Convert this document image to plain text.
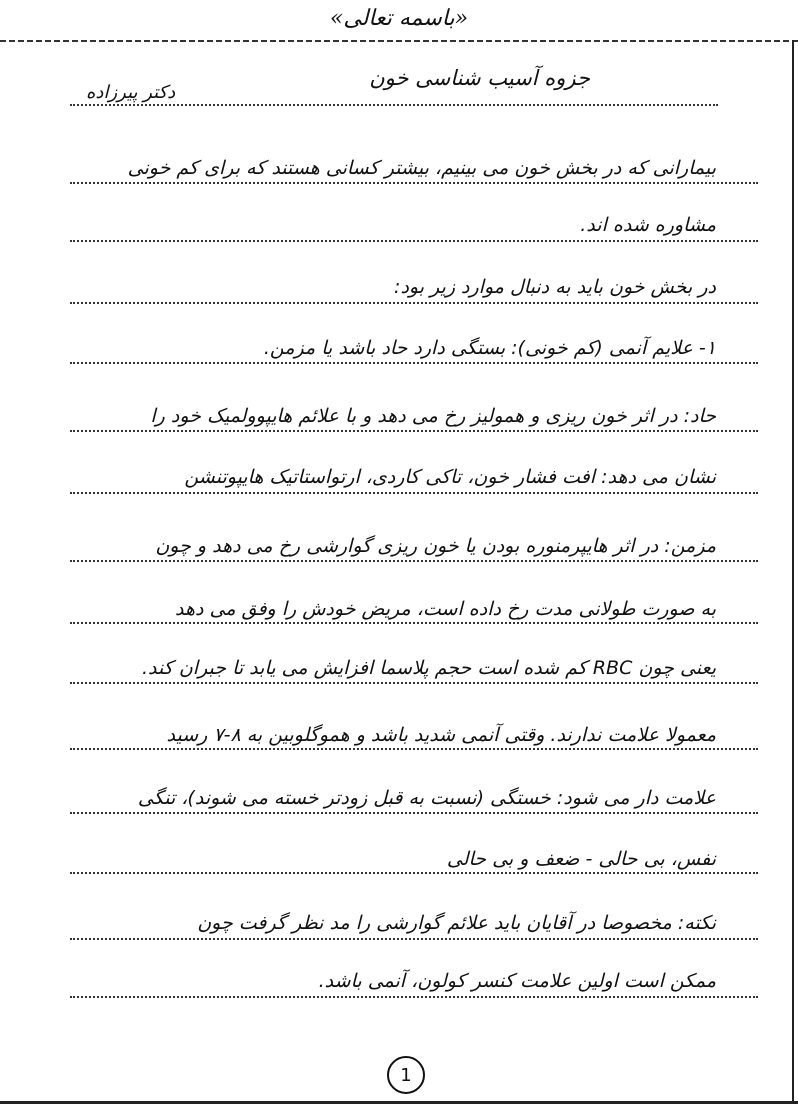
«باسمه تعالی»
جزوه آسیب شناسی خون
دکتر پیرزاده
بیمارانی که در بخش خون می بینیم، بیشتر کسانی هستند که برای کم خونی
مشاوره شده اند.
در بخش خون باید به دنبال موارد زیر بود:
۱- علایم آنمی (کم خونی): بستگی دارد حاد باشد یا مزمن.
حاد: در اثر خون ریزی و همولیز رخ می دهد و با علائم هایپوولمیک خود را
نشان می دهد: افت فشار خون، تاکی کاردی، ارتواستاتیک هایپوتنشن
مزمن: در اثر هایپرمنوره بودن یا خون ریزی گوارشی رخ می دهد و چون
به صورت طولانی مدت رخ داده است، مریض خودش را وفق می دهد
یعنی چون RBC کم شده است حجم پلاسما افزایش می یابد تا جبران کند.
معمولا علامت ندارند. وقتی آنمی شدید باشد و هموگلوبین به ۸-۷ رسید
علامت دار می شود: خستگی (نسبت به قبل زودتر خسته می شوند)، تنگی
نفس، بی حالی - ضعف و بی حالی
نکته: مخصوصا در آقایان باید علائم گوارشی را مد نظر گرفت چون
ممکن است اولین علامت کنسر کولون، آنمی باشد.
1
